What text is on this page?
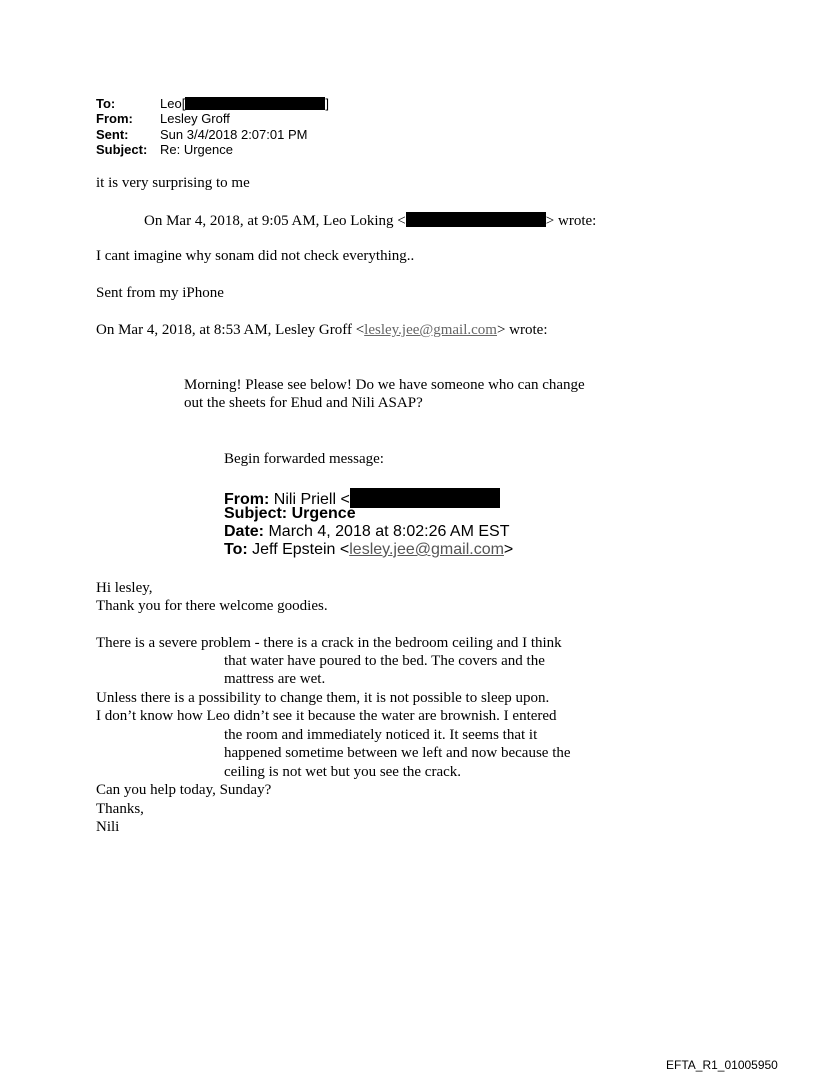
To:	Leo[	]
From: Lesley Groff
Sent: Sun 3/4/2018 2:07:01 PM
Subject: Re: Urgence
it is very surprising to me
On Mar 4, 2018, at 9:05 AM, Leo Loking <	> wrote:
I cant imagine why sonam did not check everything..
Sent from my iPhone
On Mar 4, 2018, at 8:53 AM, Lesley Groff <lesley.jee@gmail.com> wrote:
Morning! Please see below! Do we have someone who can change
out the sheets for Ehud and Nili ASAP?
Begin forwarded message:
From: Nili Priell <
Subject: Urgence
Date: March 4, 2018 at 8:02:26 AM EST
To: Jeff Epstein <lesley.jee@gmail.com>
Hi lesley,
Thank you for there welcome goodies.
There is a severe problem - there is a crack in the bedroom ceiling and I think
that water have poured to the bed. The covers and the
mattress are wet.
Unless there is a possibility to change them, it is not possible to sleep upon.
I don’t know how Leo didn’t see it because the water are brownish. I entered
the room and immediately noticed it. It seems that it
happened sometime between we left and now because the
ceiling is not wet but you see the crack.
Can you help today, Sunday?
Thanks,
Nili
EFTA_R1_01005950
